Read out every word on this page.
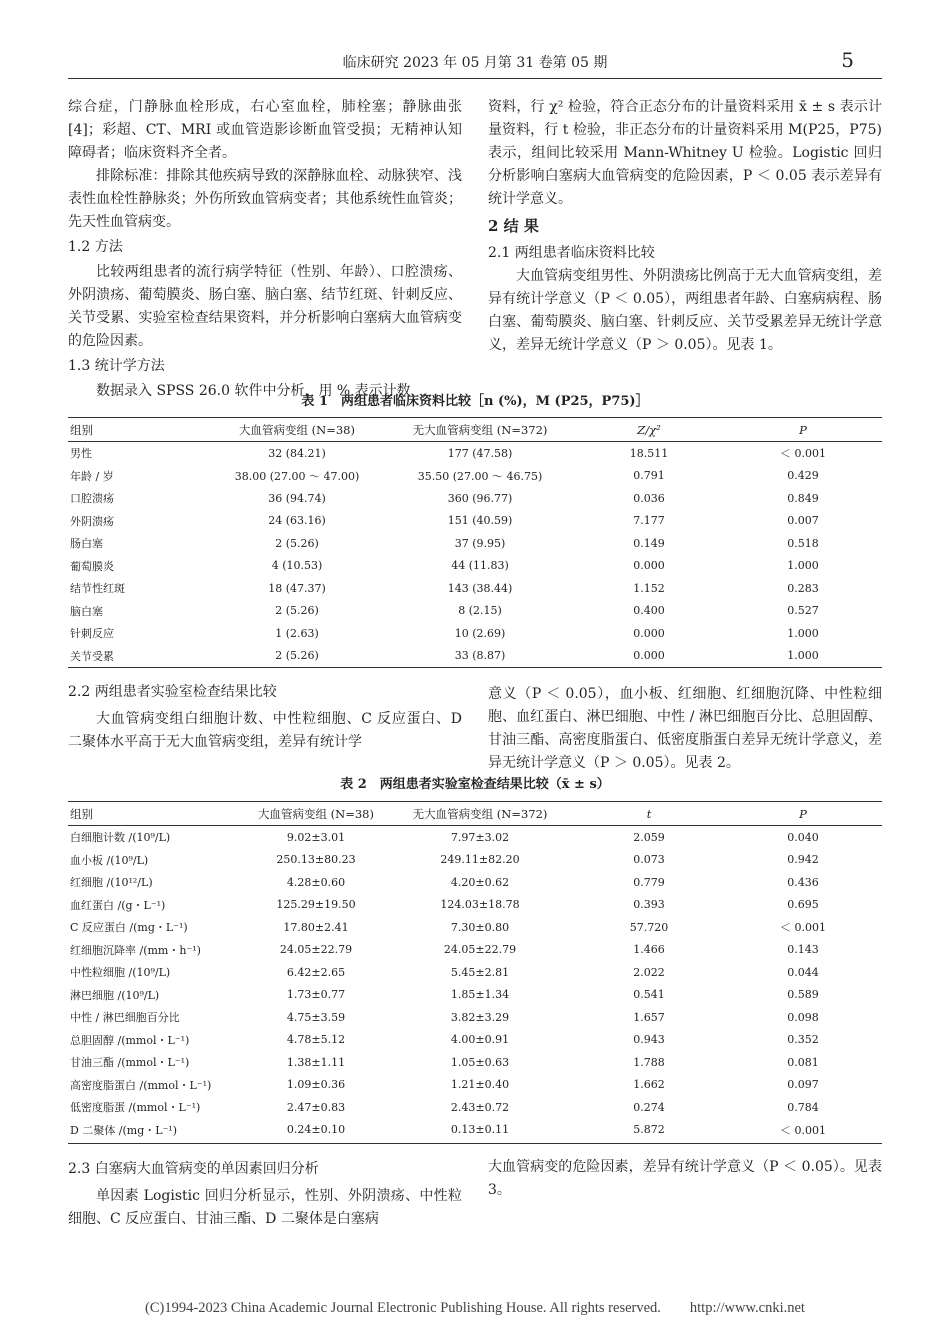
临床研究 2023 年 05 月第 31 卷第 05 期	5

综合症，门静脉血栓形成，右心室血栓，肺栓塞；静脉曲张[4]；彩超、CT、MRI 或血管造影诊断血管受损；无精神认知障碍者；临床资料齐全者。

排除标准：排除其他疾病导致的深静脉血栓、动脉狭窄、浅表性血栓性静脉炎；外伤所致血管病变者；其他系统性血管炎；先天性血管病变。

1.2 方法

比较两组患者的流行病学特征（性别、年龄）、口腔溃疡、外阴溃疡、葡萄膜炎、肠白塞、脑白塞、结节红斑、针刺反应、关节受累、实验室检查结果资料，并分析影响白塞病大血管病变的危险因素。

1.3 统计学方法

数据录入 SPSS 26.0 软件中分析，用 % 表示计数

资料，行 χ² 检验，符合正态分布的计量资料采用 x̄ ± s 表示计量资料，行 t 检验，非正态分布的计量资料采用 M(P25，P75) 表示，组间比较采用 Mann-Whitney U 检验。Logistic 回归分析影响白塞病大血管病变的危险因素，P ＜ 0.05 表示差异有统计学意义。

2 结 果

2.1 两组患者临床资料比较

大血管病变组男性、外阴溃疡比例高于无大血管病变组，差异有统计学意义（P ＜ 0.05），两组患者年龄、白塞病病程、肠白塞、葡萄膜炎、脑白塞、针刺反应、关节受累差异无统计学意义，差异无统计学意义（P ＞ 0.05）。见表 1。

表 1　两组患者临床资料比较［n (%)，M (P25，P75)］
组别	大血管病变组 (N=38)	无大血管病变组 (N=372)	Z/χ²	P
男性	32 (84.21)	177 (47.58)	18.511	＜ 0.001
年龄 / 岁	38.00 (27.00 ～ 47.00)	35.50 (27.00 ～ 46.75)	0.791	0.429
口腔溃疡	36 (94.74)	360 (96.77)	0.036	0.849
外阴溃疡	24 (63.16)	151 (40.59)	7.177	0.007
肠白塞	2 (5.26)	37 (9.95)	0.149	0.518
葡萄膜炎	4 (10.53)	44 (11.83)	0.000	1.000
结节性红斑	18 (47.37)	143 (38.44)	1.152	0.283
脑白塞	2 (5.26)	8 (2.15)	0.400	0.527
针刺反应	1 (2.63)	10 (2.69)	0.000	1.000
关节受累	2 (5.26)	33 (8.87)	0.000	1.000

2.2 两组患者实验室检查结果比较

大血管病变组白细胞计数、中性粒细胞、C 反应蛋白、D 二聚体水平高于无大血管病变组，差异有统计学

意义（P ＜ 0.05），血小板、红细胞、红细胞沉降、中性粒细胞、血红蛋白、淋巴细胞、中性 / 淋巴细胞百分比、总胆固醇、甘油三酯、高密度脂蛋白、低密度脂蛋白差异无统计学意义，差异无统计学意义（P ＞ 0.05）。见表 2。

表 2　两组患者实验室检查结果比较（x̄ ± s）
组别	大血管病变组 (N=38)	无大血管病变组 (N=372)	t	P
白细胞计数 /(10⁹/L)	9.02±3.01	7.97±3.02	2.059	0.040
血小板 /(10⁹/L)	250.13±80.23	249.11±82.20	0.073	0.942
红细胞 /(10¹²/L)	4.28±0.60	4.20±0.62	0.779	0.436
血红蛋白 /(g・L⁻¹)	125.29±19.50	124.03±18.78	0.393	0.695
C 反应蛋白 /(mg・L⁻¹)	17.80±2.41	7.30±0.80	57.720	＜ 0.001
红细胞沉降率 /(mm・h⁻¹)	24.05±22.79	24.05±22.79	1.466	0.143
中性粒细胞 /(10⁹/L)	6.42±2.65	5.45±2.81	2.022	0.044
淋巴细胞 /(10⁹/L)	1.73±0.77	1.85±1.34	0.541	0.589
中性 / 淋巴细胞百分比	4.75±3.59	3.82±3.29	1.657	0.098
总胆固醇 /(mmol・L⁻¹)	4.78±5.12	4.00±0.91	0.943	0.352
甘油三酯 /(mmol・L⁻¹)	1.38±1.11	1.05±0.63	1.788	0.081
高密度脂蛋白 /(mmol・L⁻¹)	1.09±0.36	1.21±0.40	1.662	0.097
低密度脂蛋 /(mmol・L⁻¹)	2.47±0.83	2.43±0.72	0.274	0.784
D 二聚体 /(mg・L⁻¹)	0.24±0.10	0.13±0.11	5.872	＜ 0.001

2.3 白塞病大血管病变的单因素回归分析

单因素 Logistic 回归分析显示，性别、外阴溃疡、中性粒细胞、C 反应蛋白、甘油三酯、D 二聚体是白塞病

大血管病变的危险因素，差异有统计学意义（P ＜ 0.05）。见表 3。

(C)1994-2023 China Academic Journal Electronic Publishing House. All rights reserved.　　http://www.cnki.net
